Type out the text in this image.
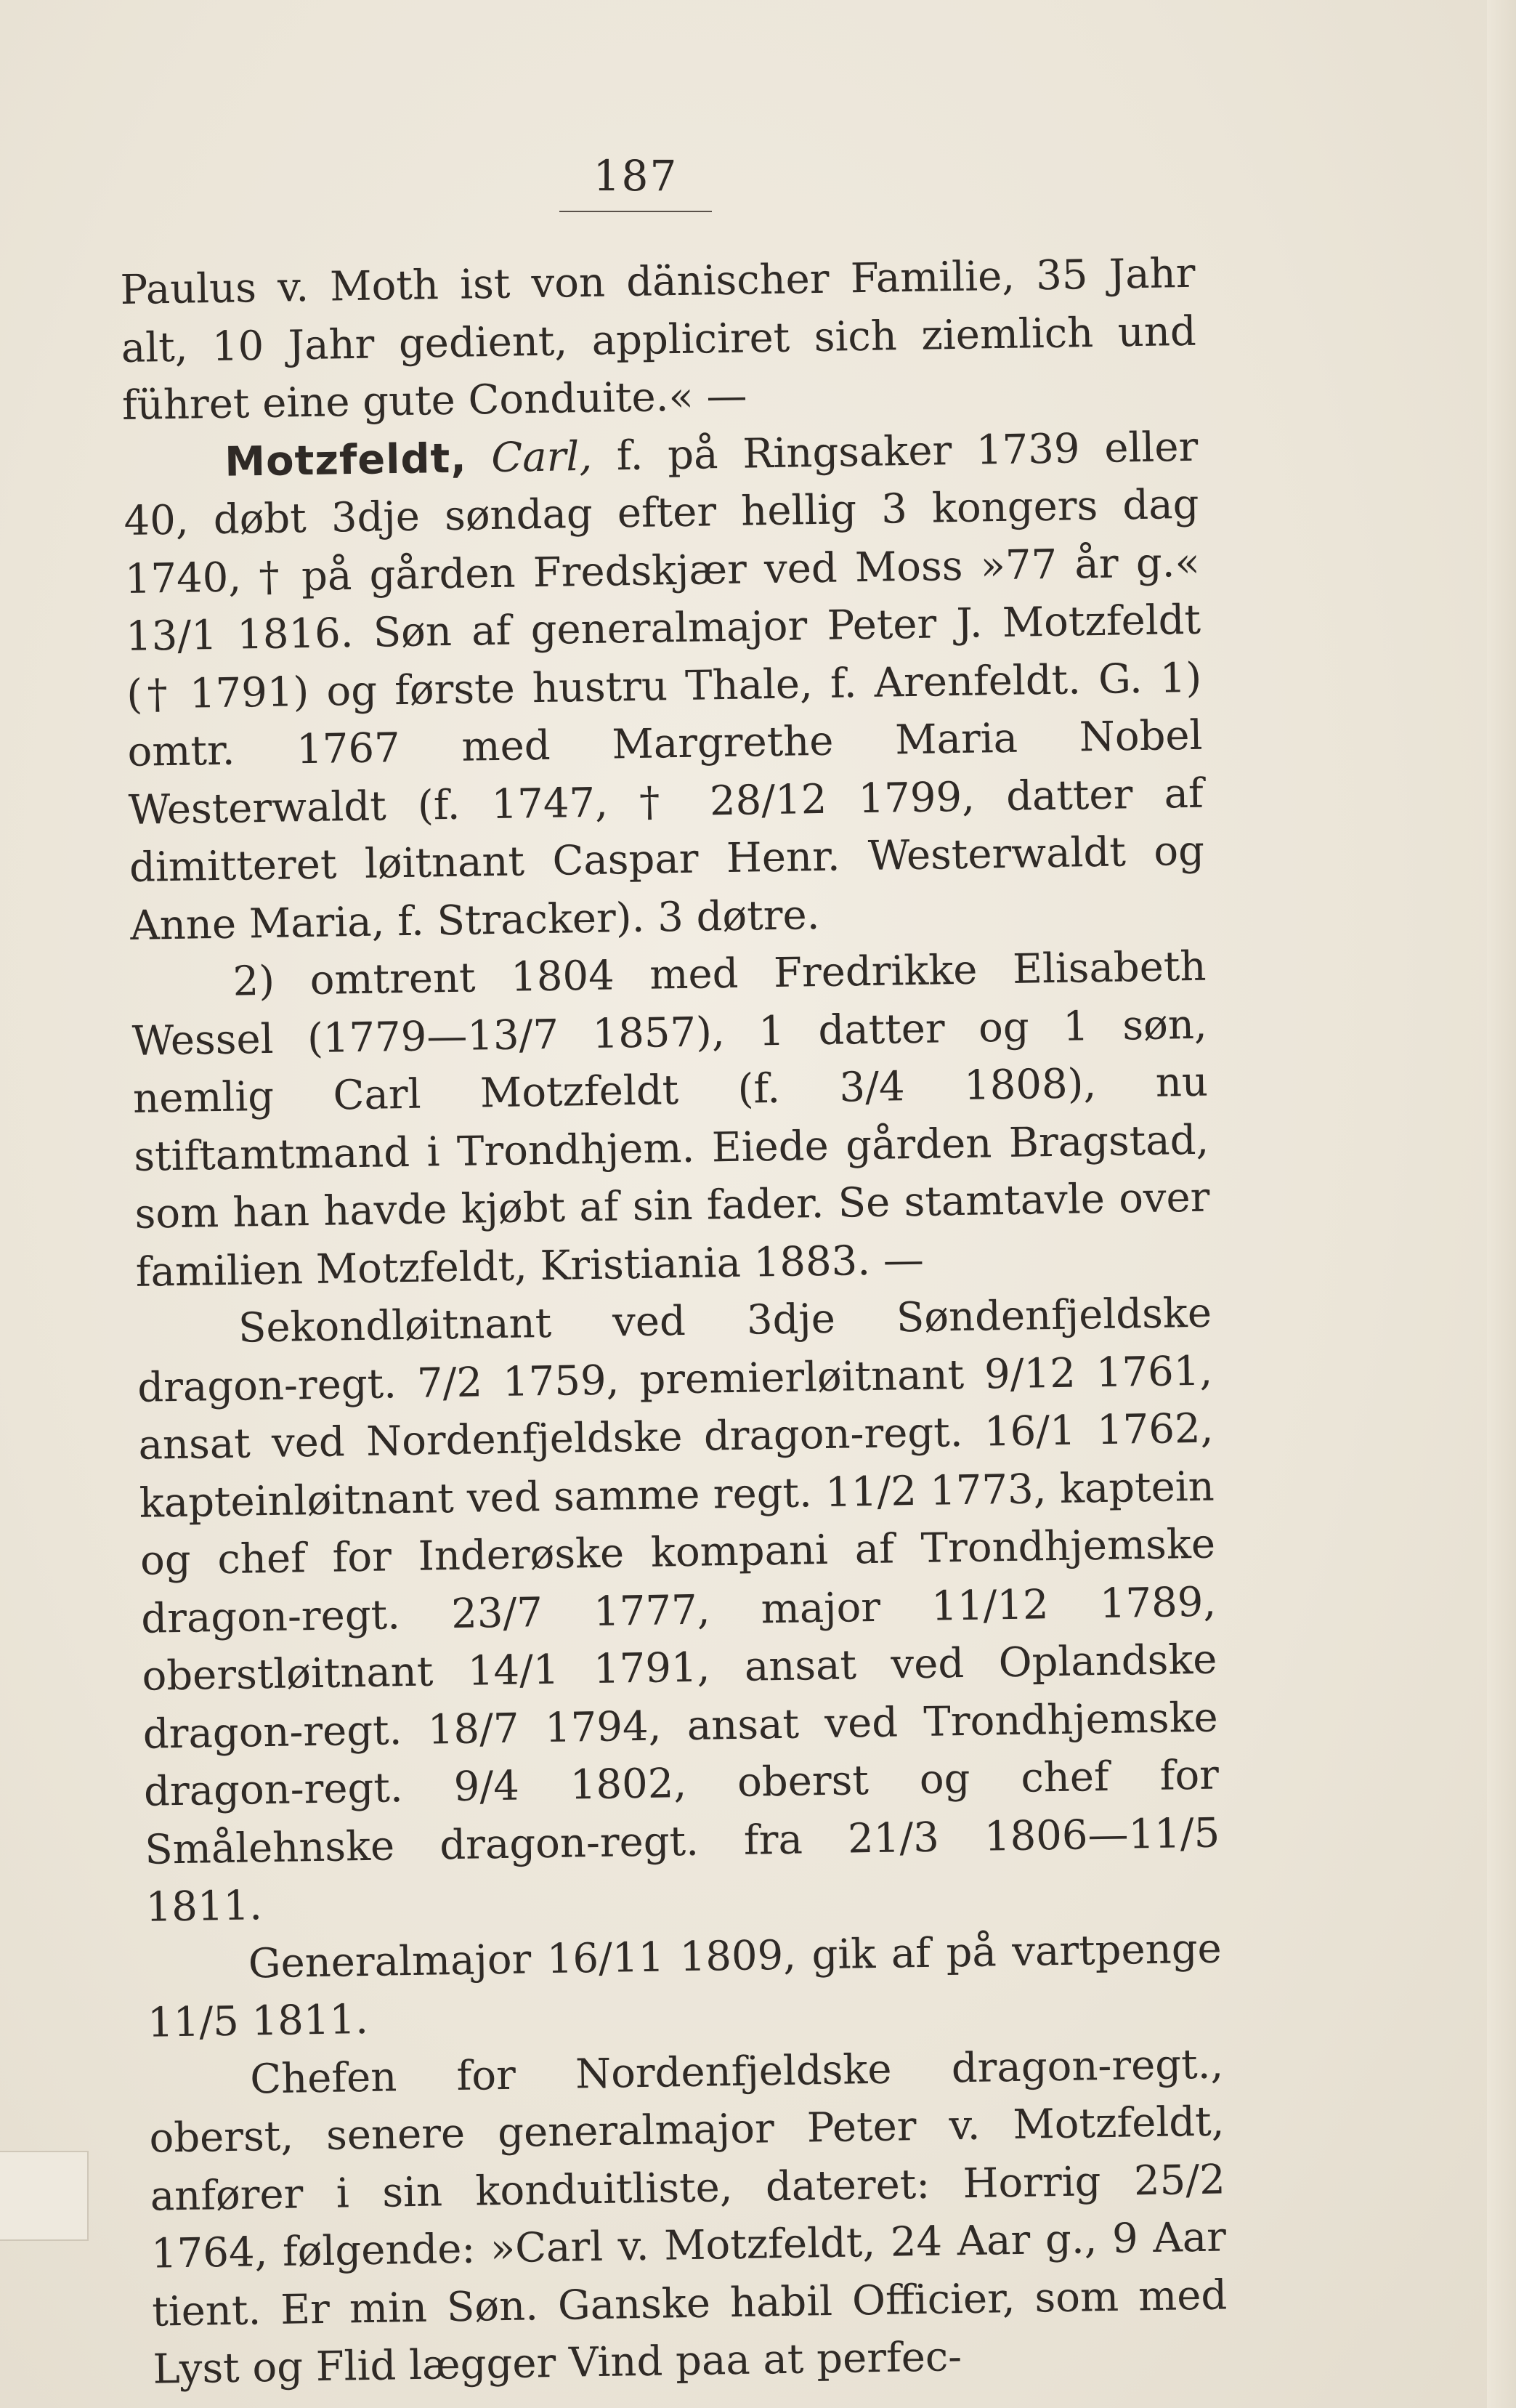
187

Paulus v. Moth ist von dänischer Familie, 35 Jahr alt, 10 Jahr gedient, appliciret sich ziemlich und führet eine gute Conduite.« —

Motzfeldt, Carl, f. på Ringsaker 1739 eller 40, døbt 3dje søndag efter hellig 3 kongers dag 1740, † på gården Fredskjær ved Moss »77 år g.« 13/1 1816. Søn af generalmajor Peter J. Motzfeldt († 1791) og første hustru Thale, f. Arenfeldt. G. 1) omtr. 1767 med Margrethe Maria Nobel Westerwaldt (f. 1747, † 28/12 1799, datter af dimitteret løitnant Caspar Henr. Westerwaldt og Anne Maria, f. Stracker). 3 døtre.

2) omtrent 1804 med Fredrikke Elisabeth Wessel (1779—13/7 1857), 1 datter og 1 søn, nemlig Carl Motzfeldt (f. 3/4 1808), nu stiftamtmand i Trondhjem. Eiede gården Bragstad, som han havde kjøbt af sin fader. Se stamtavle over familien Motzfeldt, Kristiania 1883. —

Sekondløitnant ved 3dje Søndenfjeldske dragon-regt. 7/2 1759, premierløitnant 9/12 1761, ansat ved Nordenfjeldske dragon-regt. 16/1 1762, kapteinløitnant ved samme regt. 11/2 1773, kaptein og chef for Inderøske kompani af Trondhjemske dragon-regt. 23/7 1777, major 11/12 1789, oberstløitnant 14/1 1791, ansat ved Oplandske dragon-regt. 18/7 1794, ansat ved Trondhjemske dragon-regt. 9/4 1802, oberst og chef for Smålehnske dragon-regt. fra 21/3 1806—11/5 1811.

Generalmajor 16/11 1809, gik af på vartpenge 11/5 1811.

Chefen for Nordenfjeldske dragon-regt., oberst, senere generalmajor Peter v. Motzfeldt, anfører i sin konduitliste, dateret: Horrig 25/2 1764, følgende: »Carl v. Motzfeldt, 24 Aar g., 9 Aar tient. Er min Søn. Ganske habil Officier, som med Lyst og Flid lægger Vind paa at perfec-
